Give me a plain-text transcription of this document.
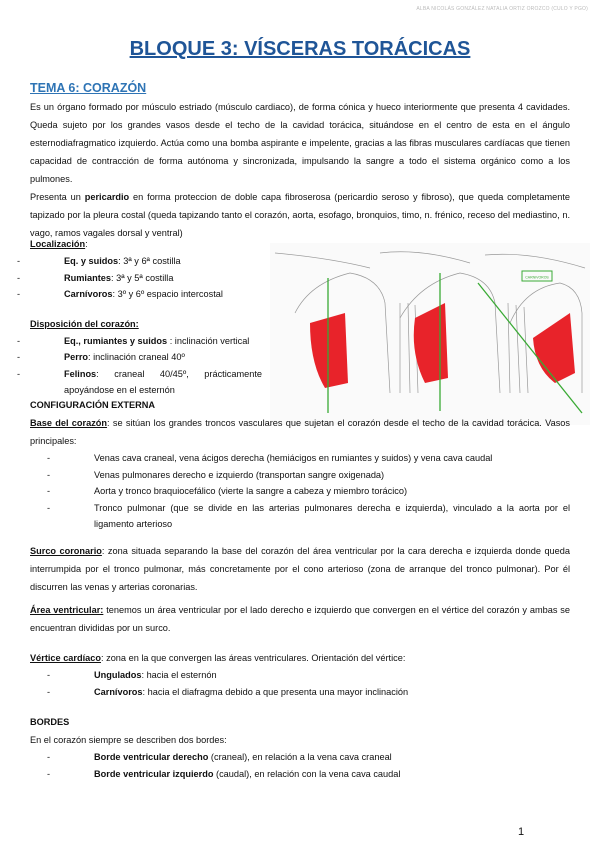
ALBA NICOLÁS GONZÁLEZ NATALIA ORTIZ OROZCO (CULO Y PGO)
BLOQUE 3: VÍSCERAS TORÁCICAS
TEMA 6: CORAZÓN

Es un órgano formado por músculo estriado (músculo cardiaco), de forma cónica y hueco interiormente que presenta 4 cavidades. Queda sujeto por los grandes vasos desde el techo de la cavidad torácica, situándose en el centro de esta en el ángulo esternodiafragmatico izquierdo. Actúa como una bomba aspirante e impelente, gracias a las fibras musculares cardíacas que tienen capacidad de contracción de forma autónoma y sincronizada, impulsando la sangre a todo el sistema orgánico como a los pulmones.

Presenta un pericardio en forma proteccion de doble capa fibroserosa (pericardio seroso y fibroso), que queda completamente tapizado por la pleura costal (queda tapizando tanto el corazón, aorta, esofago, bronquios, timo, n. frénico, receso del mediastino, n. vago, ramos vagales dorsal y ventral)

Localización:

- Eq. y suidos: 3ª y 6ª costilla
- Rumiantes: 3ª y 5ª costilla
- Carnívoros: 3º y 6º espacio intercostal

Disposición del corazón:

- Eq., rumiantes y suidos : inclinación vertical
- Perro: inclinación craneal 40º
- Felinos: craneal 40/45º, prácticamente apoyándose en el esternón
CARNIVOROS

CONFIGURACIÓN EXTERNA

Base del corazón: se sitúan los grandes troncos vasculares que sujetan el corazón desde el techo de la cavidad torácica. Vasos principales:

- Venas cava craneal, vena ácigos derecha (hemiácigos en rumiantes y suidos) y vena cava caudal
- Venas pulmonares derecho e izquierdo (transportan sangre oxigenada)
- Aorta y tronco braquiocefálico (vierte la sangre a cabeza y miembro torácico)
- Tronco pulmonar (que se divide en las arterias pulmonares derecha e izquierda), vinculado a la aorta por el ligamento arterioso

Surco coronario: zona situada separando la base del corazón del área ventricular por la cara derecha e izquierda donde queda interrumpida por el tronco pulmonar, más concretamente por el cono arterioso (zona de arranque del tronco pulmonar). Por él discurren las venas y arterias coronarias.

Área ventricular: tenemos un área ventricular por el lado derecho e izquierdo que convergen en el vértice del corazón y ambas se encuentran divididas por un surco.

Vértice cardíaco: zona en la que convergen las áreas ventriculares. Orientación del vértice:

- Ungulados: hacia el esternón
- Carnívoros: hacia el diafragma debido a que presenta una mayor inclinación

BORDES

En el corazón siempre se describen dos bordes:

- Borde ventricular derecho (craneal), en relación a la vena cava craneal
- Borde ventricular izquierdo (caudal), en relación con la vena cava caudal
1
